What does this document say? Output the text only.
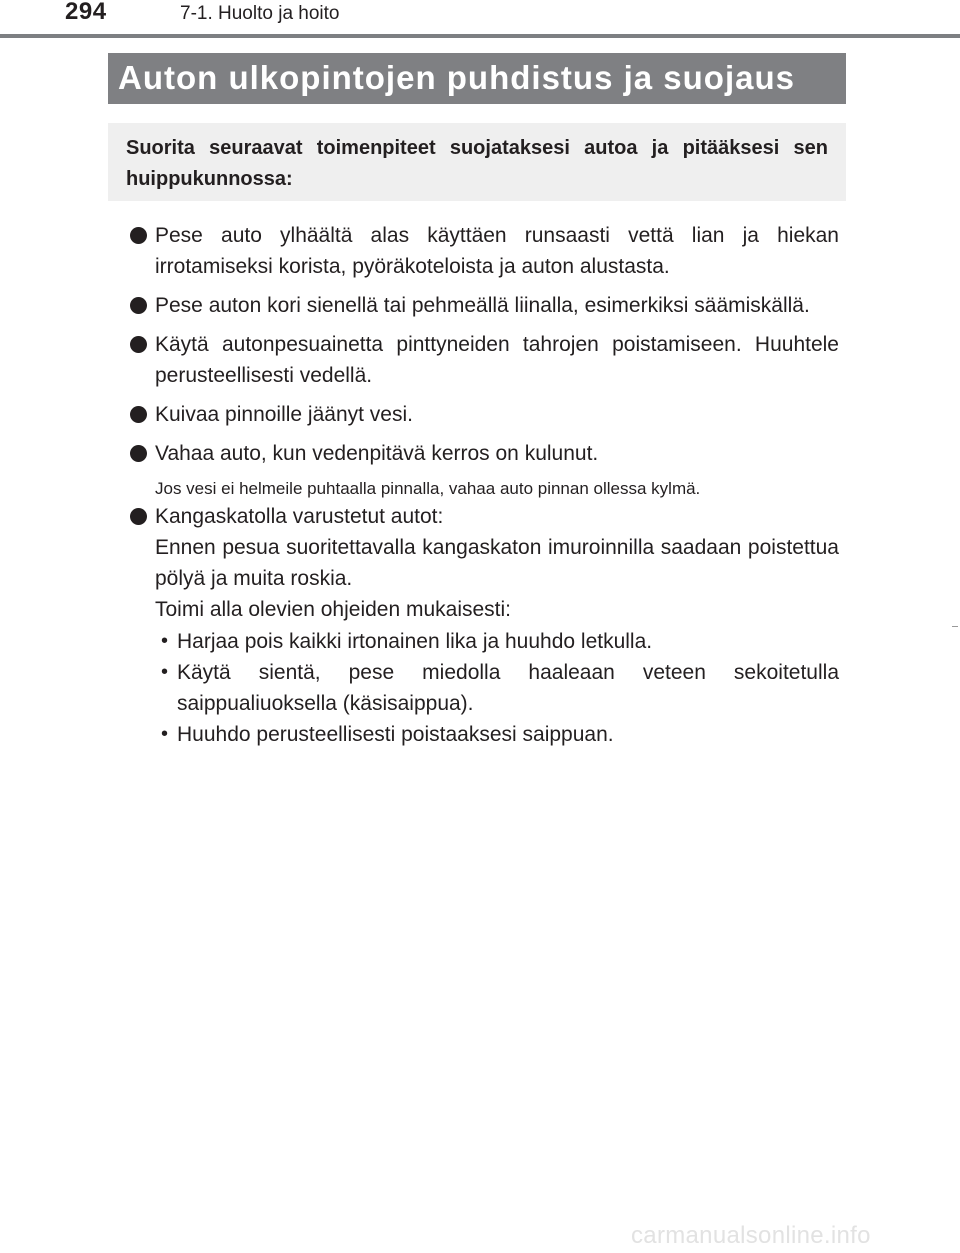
294	7-1. Huolto ja hoito
Auton ulkopintojen puhdistus ja suojaus
Suorita seuraavat toimenpiteet suojataksesi autoa ja pitääksesi sen huippukunnossa:
Pese auto ylhäältä alas käyttäen runsaasti vettä lian ja hiekan irrotamiseksi korista, pyöräkoteloista ja auton alustasta.
Pese auton kori sienellä tai pehmeällä liinalla, esimerkiksi säämiskällä.
Käytä autonpesuainetta pinttyneiden tahrojen poistamiseen. Huuhtele perusteellisesti vedellä.
Kuivaa pinnoille jäänyt vesi.
Vahaa auto, kun vedenpitävä kerros on kulunut.
Jos vesi ei helmeile puhtaalla pinnalla, vahaa auto pinnan ollessa kylmä.
Kangaskatolla varustetut autot:
Ennen pesua suoritettavalla kangaskaton imuroinnilla saadaan poistettua pölyä ja muita roskia.
Toimi alla olevien ohjeiden mukaisesti:
• Harjaa pois kaikki irtonainen lika ja huuhdo letkulla.
• Käytä sientä, pese miedolla haaleaan veteen sekoitetulla saippualiuoksella (käsisaippua).
• Huuhdo perusteellisesti poistaaksesi saippuan.
carmanualsonline.info
